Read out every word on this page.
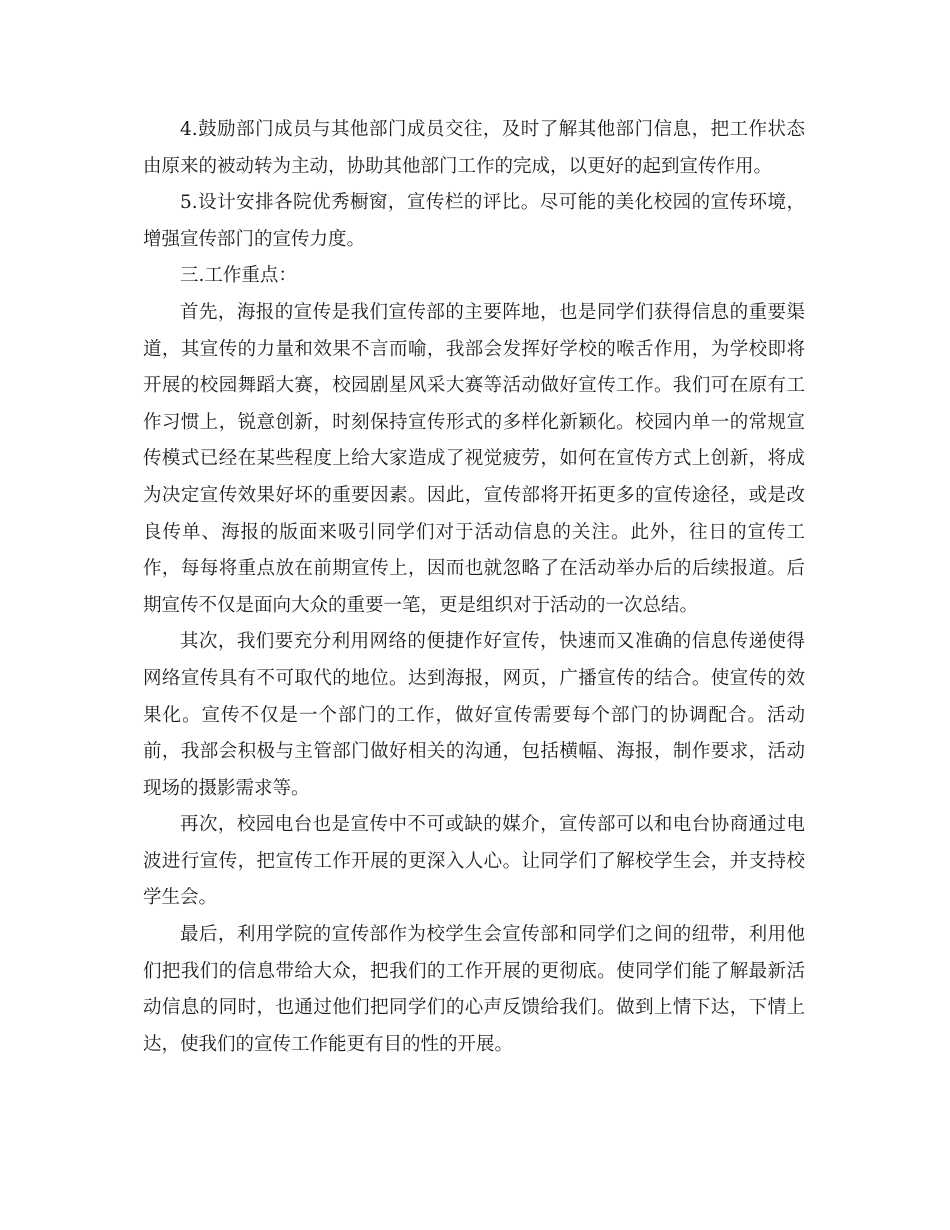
4.鼓励部门成员与其他部门成员交往，及时了解其他部门信息，把工作状态由原来的被动转为主动，协助其他部门工作的完成，以更好的起到宣传作用。

5.设计安排各院优秀橱窗，宣传栏的评比。尽可能的美化校园的宣传环境，增强宣传部门的宣传力度。

三.工作重点：

首先，海报的宣传是我们宣传部的主要阵地，也是同学们获得信息的重要渠道，其宣传的力量和效果不言而喻，我部会发挥好学校的喉舌作用，为学校即将开展的校园舞蹈大赛，校园剧星风采大赛等活动做好宣传工作。我们可在原有工作习惯上，锐意创新，时刻保持宣传形式的多样化新颖化。校园内单一的常规宣传模式已经在某些程度上给大家造成了视觉疲劳，如何在宣传方式上创新，将成为决定宣传效果好坏的重要因素。因此，宣传部将开拓更多的宣传途径，或是改良传单、海报的版面来吸引同学们对于活动信息的关注。此外，往日的宣传工作，每每将重点放在前期宣传上，因而也就忽略了在活动举办后的后续报道。后期宣传不仅是面向大众的重要一笔，更是组织对于活动的一次总结。

其次，我们要充分利用网络的便捷作好宣传，快速而又准确的信息传递使得网络宣传具有不可取代的地位。达到海报，网页，广播宣传的结合。使宣传的效果化。宣传不仅是一个部门的工作，做好宣传需要每个部门的协调配合。活动前，我部会积极与主管部门做好相关的沟通，包括横幅、海报，制作要求，活动现场的摄影需求等。

再次，校园电台也是宣传中不可或缺的媒介，宣传部可以和电台协商通过电波进行宣传，把宣传工作开展的更深入人心。让同学们了解校学生会，并支持校学生会。

最后，利用学院的宣传部作为校学生会宣传部和同学们之间的纽带，利用他们把我们的信息带给大众，把我们的工作开展的更彻底。使同学们能了解最新活动信息的同时，也通过他们把同学们的心声反馈给我们。做到上情下达，下情上达，使我们的宣传工作能更有目的性的开展。
